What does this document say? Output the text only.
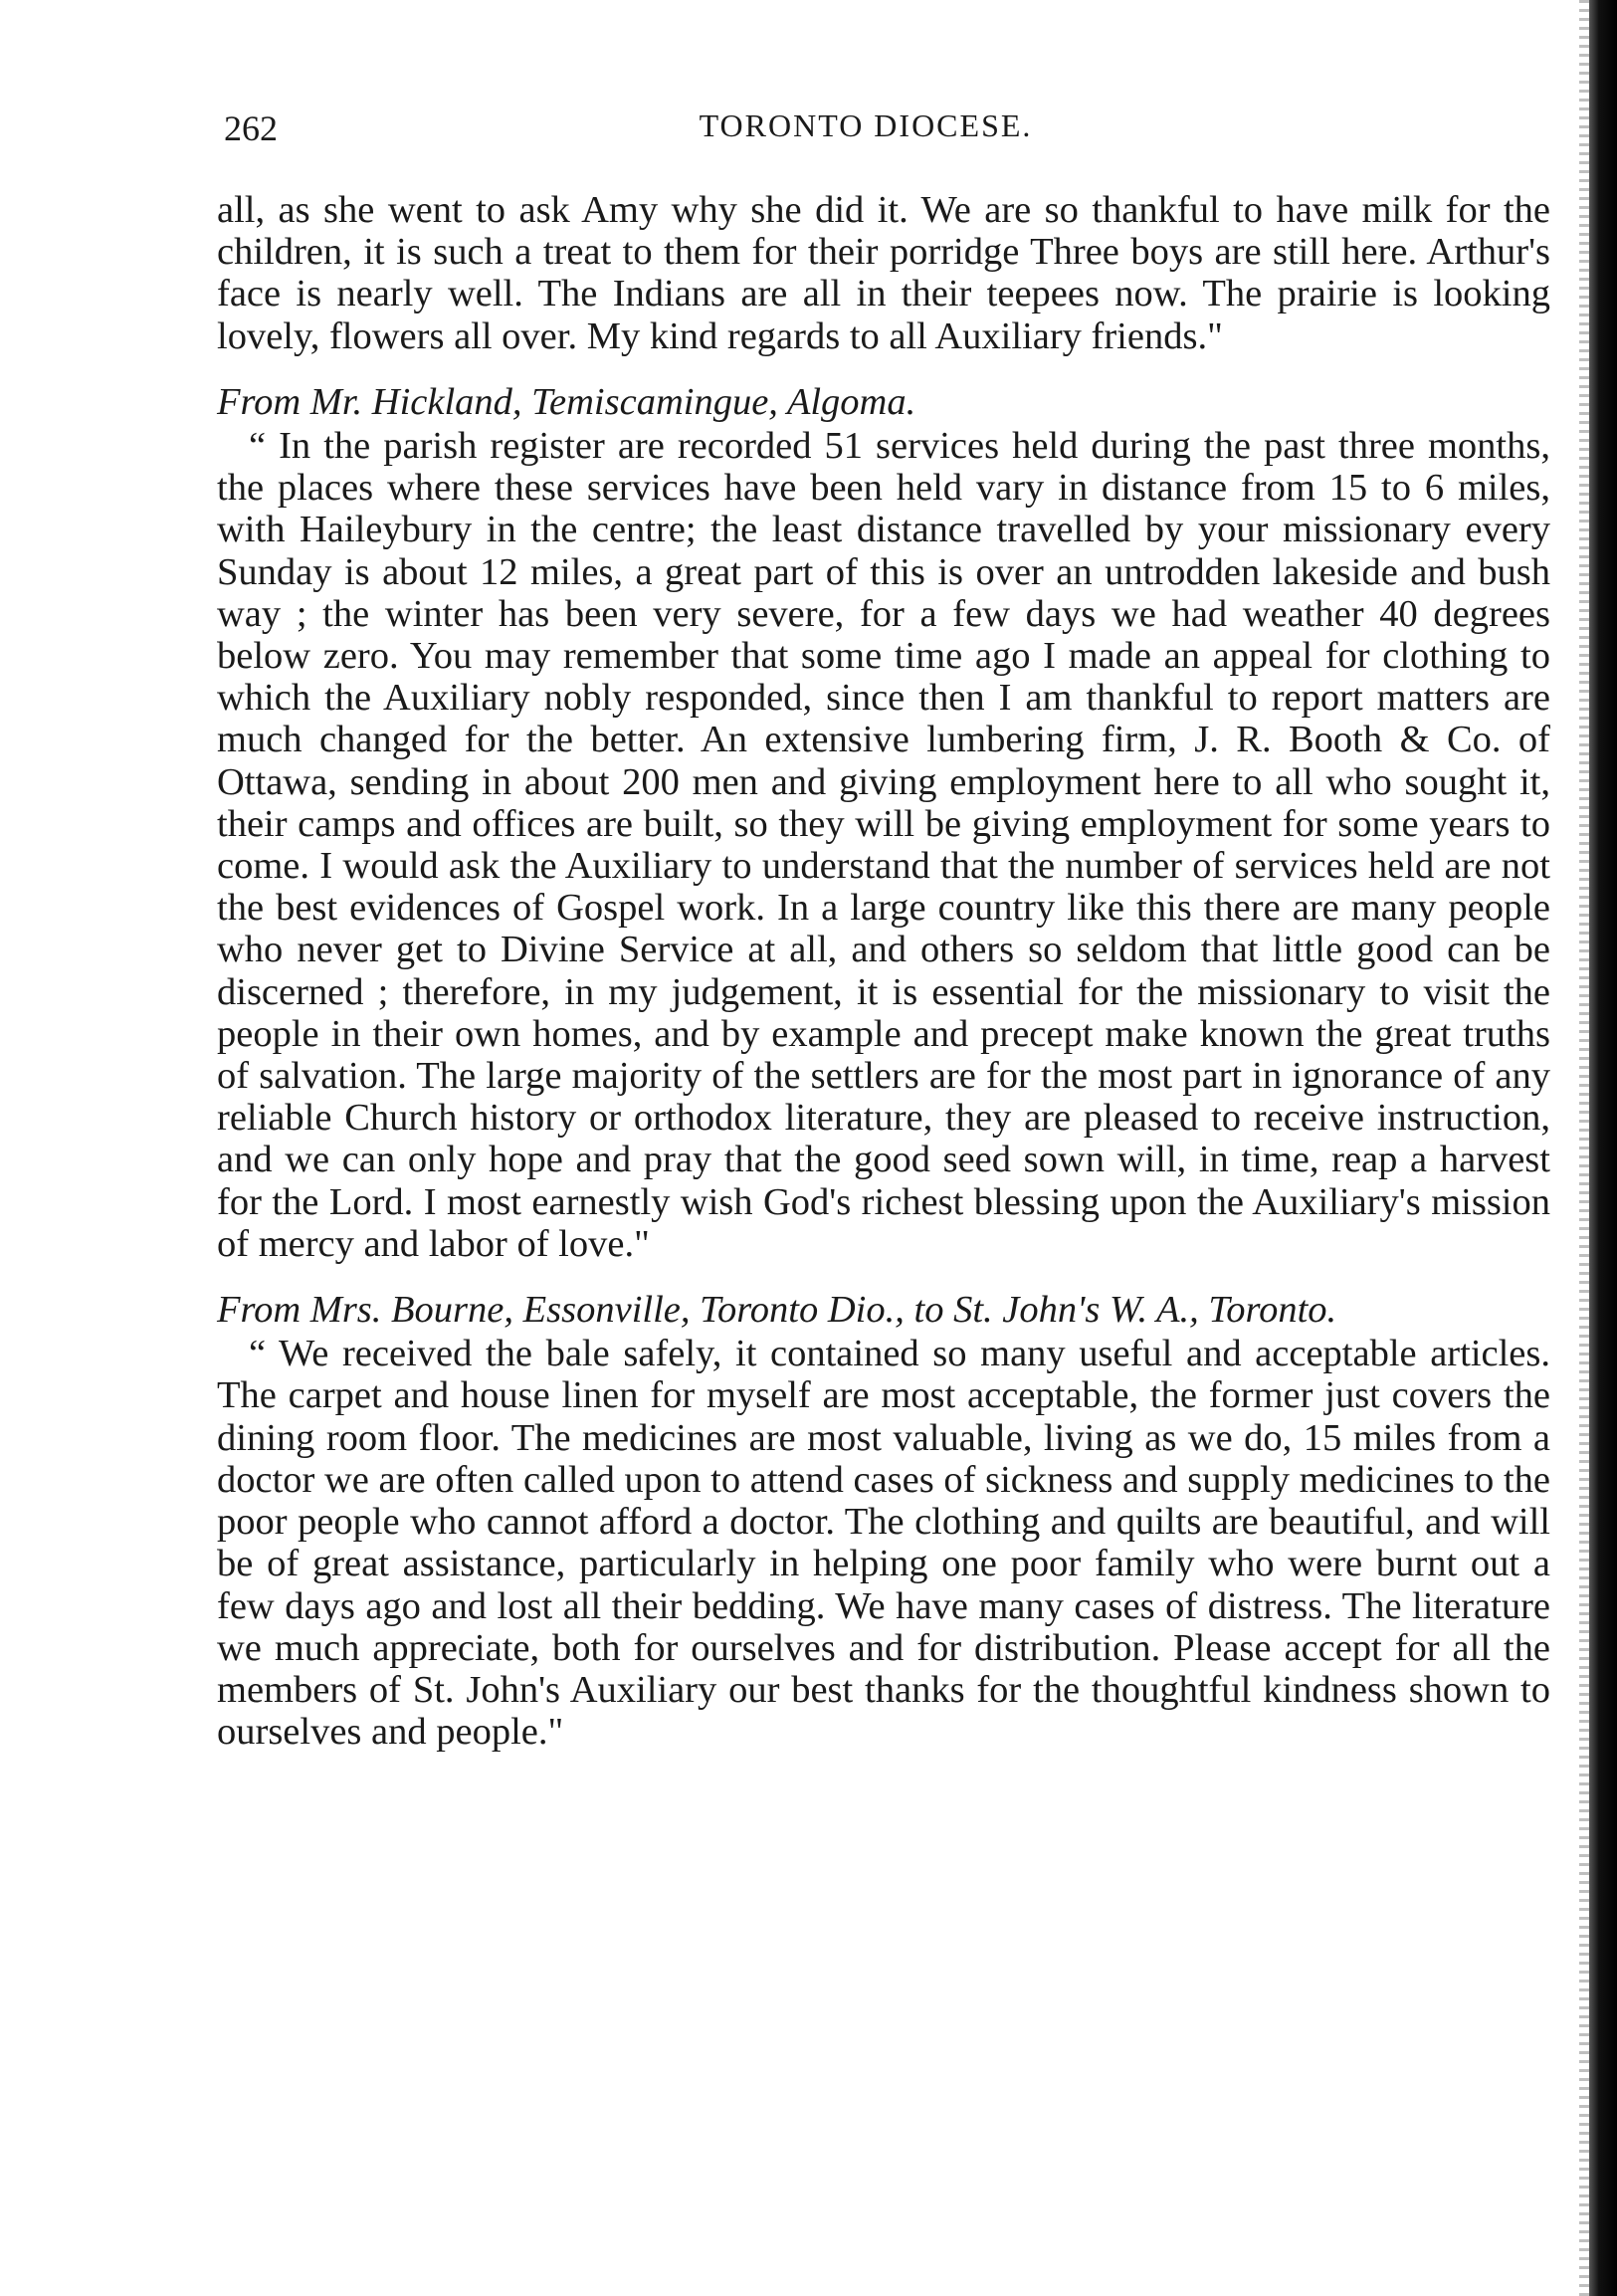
262	TORONTO DIOCESE.

all, as she went to ask Amy why she did it. We are so thankful to have milk for the children, it is such a treat to them for their porridge Three boys are still here. Arthur's face is nearly well. The Indians are all in their teepees now. The prairie is looking lovely, flowers all over. My kind regards to all Auxiliary friends."

From Mr. Hickland, Temiscamingue, Algoma.

“ In the parish register are recorded 51 services held during the past three months, the places where these services have been held vary in distance from 15 to 6 miles, with Haileybury in the centre; the least distance travelled by your missionary every Sunday is about 12 miles, a great part of this is over an untrodden lakeside and bush way ; the winter has been very severe, for a few days we had weather 40 degrees below zero. You may remember that some time ago I made an appeal for clothing to which the Auxiliary nobly responded, since then I am thankful to report matters are much changed for the better. An extensive lumbering firm, J. R. Booth & Co. of Ottawa, sending in about 200 men and giving employment here to all who sought it, their camps and offices are built, so they will be giving employment for some years to come. I would ask the Auxiliary to understand that the number of services held are not the best evidences of Gospel work. In a large country like this there are many people who never get to Divine Service at all, and others so seldom that little good can be discerned ; therefore, in my judgement, it is essential for the missionary to visit the people in their own homes, and by example and precept make known the great truths of salvation. The large majority of the settlers are for the most part in ignorance of any reliable Church history or orthodox literature, they are pleased to receive instruction, and we can only hope and pray that the good seed sown will, in time, reap a harvest for the Lord. I most earnestly wish God's richest blessing upon the Auxiliary's mission of mercy and labor of love."

From Mrs. Bourne, Essonville, Toronto Dio., to St. John's W. A., Toronto.

“ We received the bale safely, it contained so many useful and acceptable articles. The carpet and house linen for myself are most acceptable, the former just covers the dining room floor. The medicines are most valuable, living as we do, 15 miles from a doctor we are often called upon to attend cases of sickness and supply medicines to the poor people who cannot afford a doctor. The clothing and quilts are beautiful, and will be of great assistance, particularly in helping one poor family who were burnt out a few days ago and lost all their bedding. We have many cases of distress. The literature we much appreciate, both for ourselves and for distribution. Please accept for all the members of St. John's Auxiliary our best thanks for the thoughtful kindness shown to ourselves and people."
